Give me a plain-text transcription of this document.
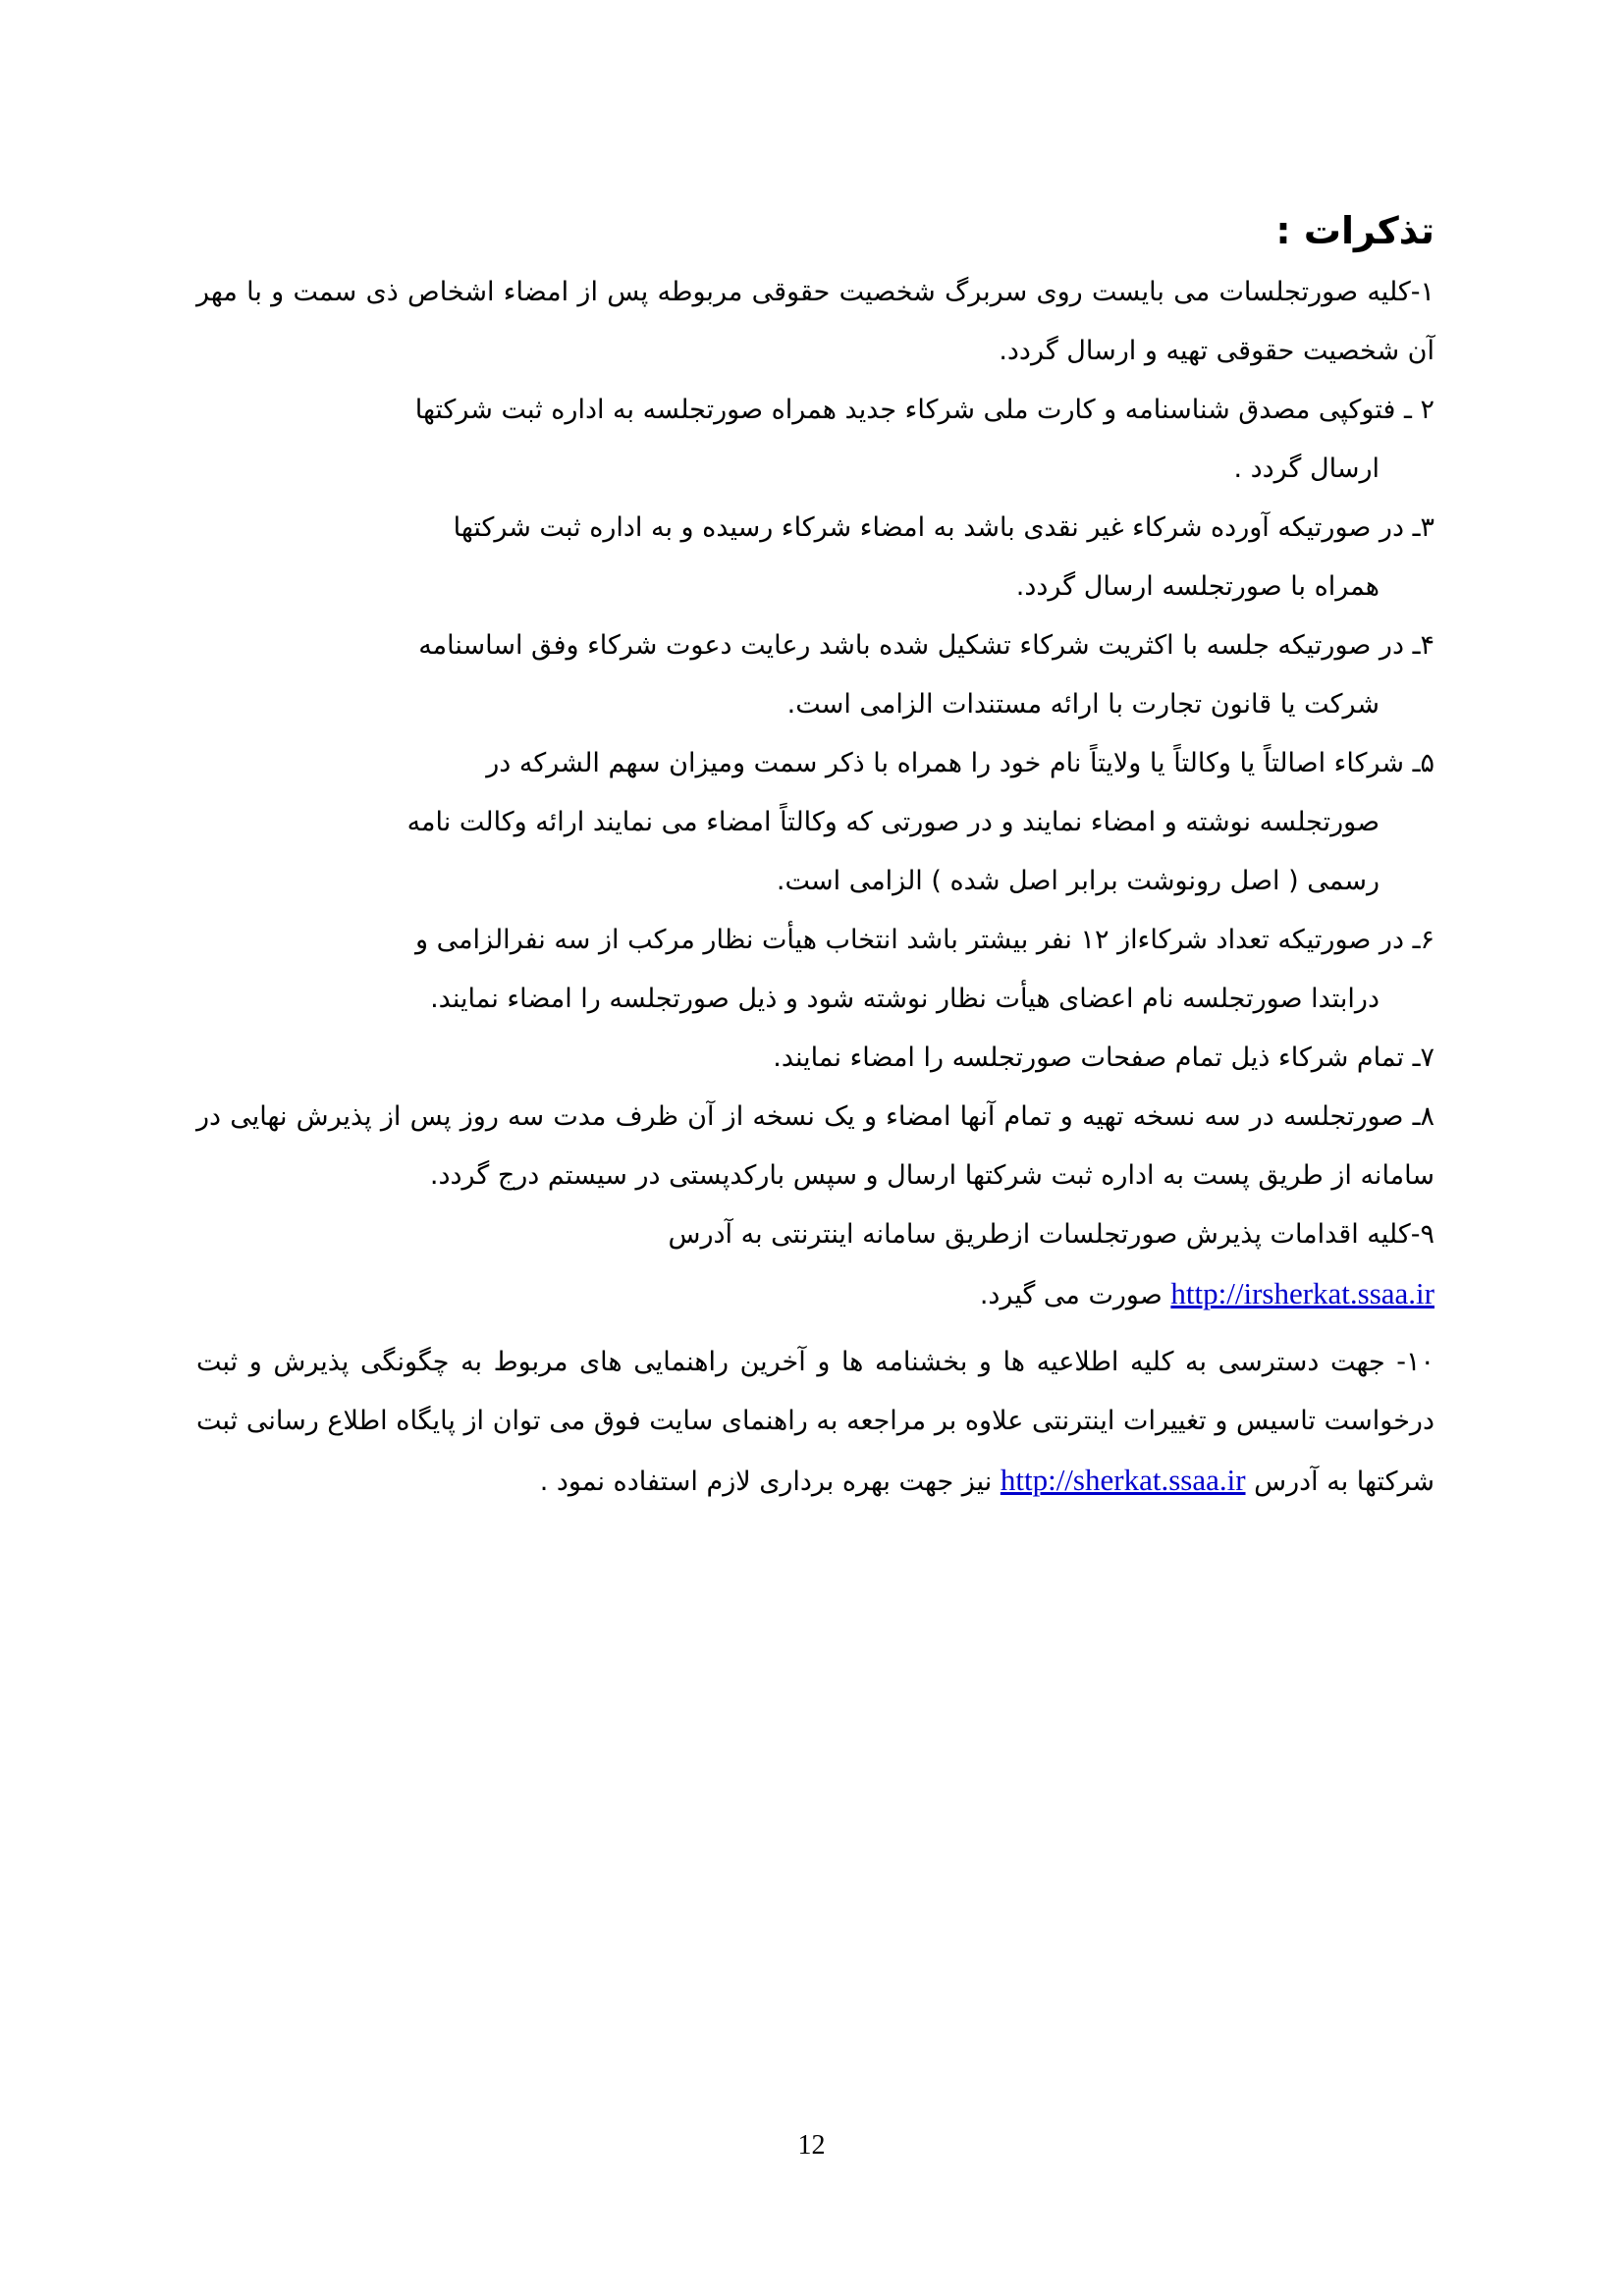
تذکرات :

۱-کلیه صورتجلسات می بایست روی سربرگ شخصیت حقوقی مربوطه پس از امضاء اشخاص ذی سمت و با مهر آن شخصیت حقوقی تهیه و ارسال گردد.

۲ ـ فتوکپی مصدق شناسنامه و کارت ملی شرکاء جدید همراه صورتجلسه به اداره ثبت شرکتها
ارسال گردد .

۳ـ در صورتیکه آورده شرکاء غیر نقدی باشد به امضاء شرکاء رسیده و به اداره ثبت شرکتها
همراه با صورتجلسه ارسال گردد.

۴ـ در صورتیکه جلسه با اکثریت شرکاء تشکیل شده باشد رعایت دعوت شرکاء وفق اساسنامه
شرکت یا قانون تجارت با ارائه مستندات الزامی است.

۵ـ شرکاء اصالتاً یا وکالتاً یا ولایتاً نام خود را همراه با ذکر سمت ومیزان سهم الشرکه در
صورتجلسه نوشته و امضاء نمایند و در صورتی که وکالتاً امضاء می نمایند ارائه وکالت نامه
رسمی ( اصل رونوشت برابر اصل شده ) الزامی است.

۶ـ در صورتیکه تعداد شرکاءاز ۱۲ نفر بیشتر باشد انتخاب هیأت نظار مرکب از سه نفرالزامی و
درابتدا صورتجلسه نام اعضای هیأت نظار نوشته شود و ذیل صورتجلسه را امضاء نمایند.

۷ـ تمام شرکاء ذیل تمام صفحات صورتجلسه را امضاء نمایند.

۸ـ صورتجلسه در سه نسخه تهیه و تمام آنها امضاء و یک نسخه از آن ظرف مدت سه روز پس از پذیرش نهایی در سامانه از طریق پست به اداره ثبت شرکتها ارسال و سپس بارکدپستی در سیستم درج گردد.

۹-کلیه اقدامات پذیرش صورتجلسات ازطریق سامانه اینترنتی به آدرس
http://irsherkat.ssaa.ir صورت می گیرد.

۱۰- جهت دسترسی به کلیه اطلاعیه ها و بخشنامه ها و آخرین راهنمایی های مربوط به چگونگی پذیرش و ثبت درخواست تاسیس و تغییرات اینترنتی علاوه بر مراجعه به راهنمای سایت فوق می توان از پایگاه اطلاع رسانی ثبت شرکتها به آدرس http://sherkat.ssaa.ir نیز جهت بهره برداری لازم استفاده نمود .

12
